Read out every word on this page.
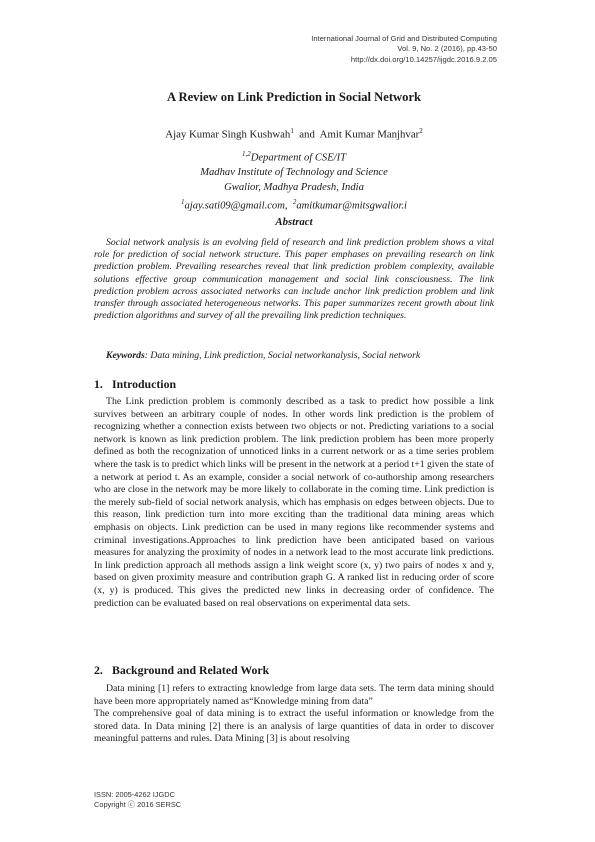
International Journal of Grid and Distributed Computing
Vol. 9, No. 2 (2016), pp.43-50
http://dx.doi.org/10.14257/ijgdc.2016.9.2.05
A Review on Link Prediction in Social Network
Ajay Kumar Singh Kushwah$^1$ and Amit Kumar Manjhvar$^2$
$^{1,2}$Department of CSE/IT
Madhav Institute of Technology and Science
Gwalior, Madhya Pradesh, India
$^1$ajay.sati09@gmail.com, $^2$amitkumar@mitsgwalior.i
Abstract
Social network analysis is an evolving field of research and link prediction problem shows a vital role for prediction of social network structure. This paper emphases on prevailing research on link prediction problem. Prevailing researches reveal that link prediction problem complexity, available solutions effective group communication management and social link consciousness. The link prediction problem across associated networks can include anchor link prediction problem and link transfer through associated heterogeneous networks. This paper summarizes recent growth about link prediction algorithms and survey of all the prevailing link prediction techniques.
Keywords: Data mining, Link prediction, Social networkanalysis, Social network
1. Introduction

The Link prediction problem is commonly described as a task to predict how possible a link survives between an arbitrary couple of nodes. In other words link prediction is the problem of recognizing whether a connection exists between two objects or not. Predicting variations to a social network is known as link prediction problem. The link prediction problem has been more properly defined as both the recognization of unnoticed links in a current network or as a time series problem where the task is to predict which links will be present in the network at a period t+1 given the state of a network at period t. As an example, consider a social network of co-authorship among researchers who are close in the network may be more likely to collaborate in the coming time. Link prediction is the merely sub-field of social network analysis, which has emphasis on edges between objects. Due to this reason, link prediction turn into more exciting than the traditional data mining areas which emphasis on objects. Link prediction can be used in many regions like recommender systems and criminal investigations.Approaches to link prediction have been anticipated based on various measures for analyzing the proximity of nodes in a network lead to the most accurate link predictions. In link prediction approach all methods assign a link weight score (x, y) two pairs of nodes x and y, based on given proximity measure and contribution graph G. A ranked list in reducing order of score (x, y) is produced. This gives the predicted new links in decreasing order of confidence. The prediction can be evaluated based on real observations on experimental data sets.

2. Background and Related Work

Data mining [1] refers to extracting knowledge from large data sets. The term data mining should have been more appropriately named as“Knowledge mining from data”

The comprehensive goal of data mining is to extract the useful information or knowledge from the stored data. In Data mining [2] there is an analysis of large quantities of data in order to discover meaningful patterns and rules. Data Mining [3] is about resolving

ISSN: 2005-4262 IJGDC
Copyright ⓒ 2016 SERSC
